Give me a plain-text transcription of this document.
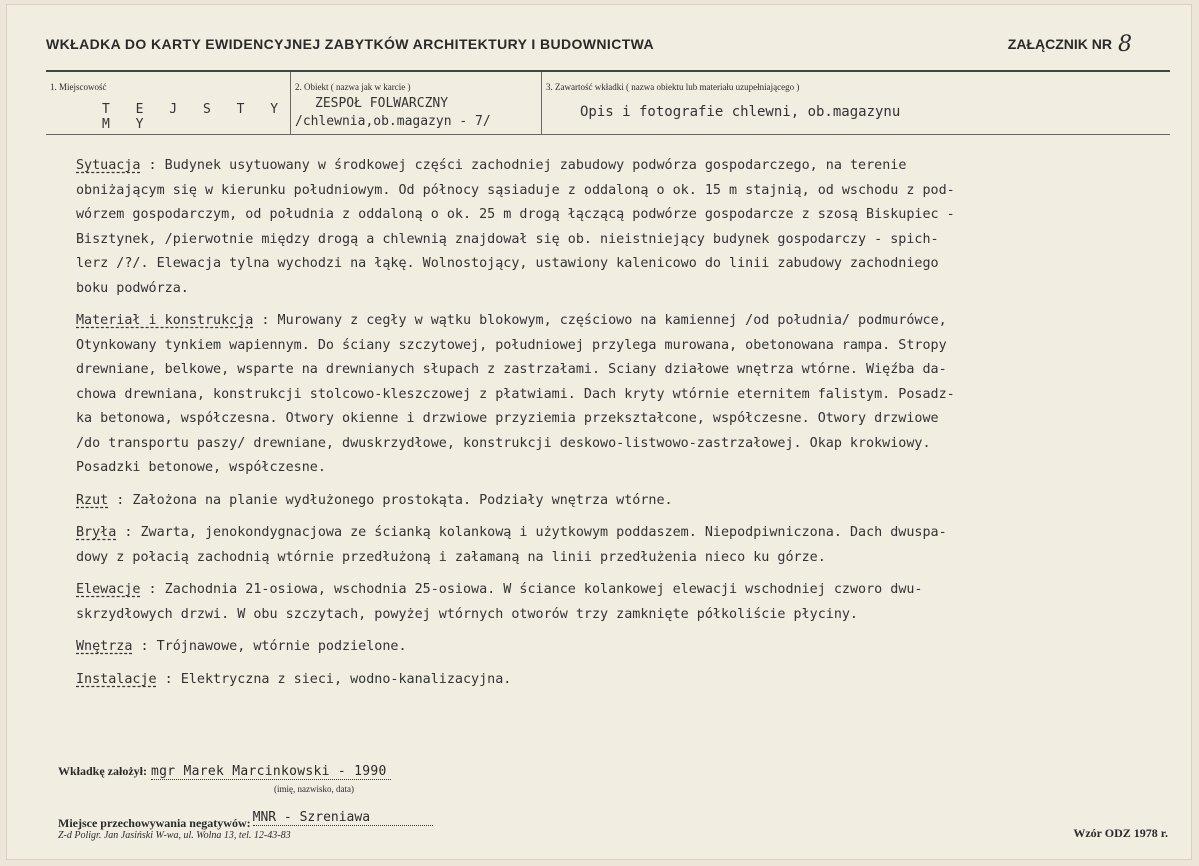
WKŁADKA DO KARTY EWIDENCYJNEJ ZABYTKÓW ARCHITEKTURY I BUDOWNICTWA	ZAŁĄCZNIK NR 8
1. Miejscowość
T E J S T Y M Y
2. Obiekt ( nazwa jak w karcie )
ZESPOŁ FOLWARCZNY
/chlewnia,ob.magazyn - 7/
3. Zawartość wkładki ( nazwa obiektu lub materiału uzupełniającego )
Opis i fotografie chlewni, ob.magazynu
Sytuacja : Budynek usytuowany w środkowej części zachodniej zabudowy podwórza gospodarczego, na terenie
obniżającym się w kierunku południowym. Od północy sąsiaduje z oddaloną o ok. 15 m stajnią, od wschodu z pod-
wórzem gospodarczym, od południa z oddaloną o ok. 25 m drogą łączącą podwórze gospodarcze z szosą Biskupiec -
Bisztynek, /pierwotnie między drogą a chlewnią znajdował się ob. nieistniejący budynek gospodarczy - spich-
lerz /?/. Elewacja tylna wychodzi na łąkę. Wolnostojący, ustawiony kalenicowo do linii zabudowy zachodniego
boku podwórza.
Materiał i konstrukcja : Murowany z cegły w wątku blokowym, częściowo na kamiennej /od południa/ podmurówce,
Otynkowany tynkiem wapiennym. Do ściany szczytowej, południowej przylega murowana, obetonowana rampa. Stropy
drewniane, belkowe, wsparte na drewnianych słupach z zastrzałami. Sciany działowe wnętrza wtórne. Więźba da-
chowa drewniana, konstrukcji stolcowo-kleszczowej z płatwiami. Dach kryty wtórnie eternitem falistym. Posadz-
ka betonowa, współczesna. Otwory okienne i drzwiowe przyziemia przekształcone, współczesne. Otwory drzwiowe
/do transportu paszy/ drewniane, dwuskrzydłowe, konstrukcji deskowo-listwowo-zastrzałowej. Okap krokwiowy.
Posadzki betonowe, współczesne.
Rzut : Założona na planie wydłużonego prostokąta. Podziały wnętrza wtórne.
Bryła : Zwarta, jenokondygnacjowa ze ścianką kolankową i użytkowym poddaszem. Niepodpiwniczona. Dach dwuspa-
dowy z połacią zachodnią wtórnie przedłużoną i załamaną na linii przedłużenia nieco ku górze.
Elewacje : Zachodnia 21-osiowa, wschodnia 25-osiowa. W ściance kolankowej elewacji wschodniej czworo dwu-
skrzydłowych drzwi. W obu szczytach, powyżej wtórnych otworów trzy zamknięte półkoliście płyciny.
Wnętrza : Trójnawowe, wtórnie podzielone.
Instalacje : Elektryczna z sieci, wodno-kanalizacyjna.
Wkładkę założył: mgr Marek Marcinkowski - 1990
(imię, nazwisko, data)
Miejsce przechowywania negatywów: MNR - Szreniawa
Z-d Poligr. Jan Jasiński W-wa, ul. Wolna 13, tel. 12-43-83	Wzór ODZ 1978 r.
